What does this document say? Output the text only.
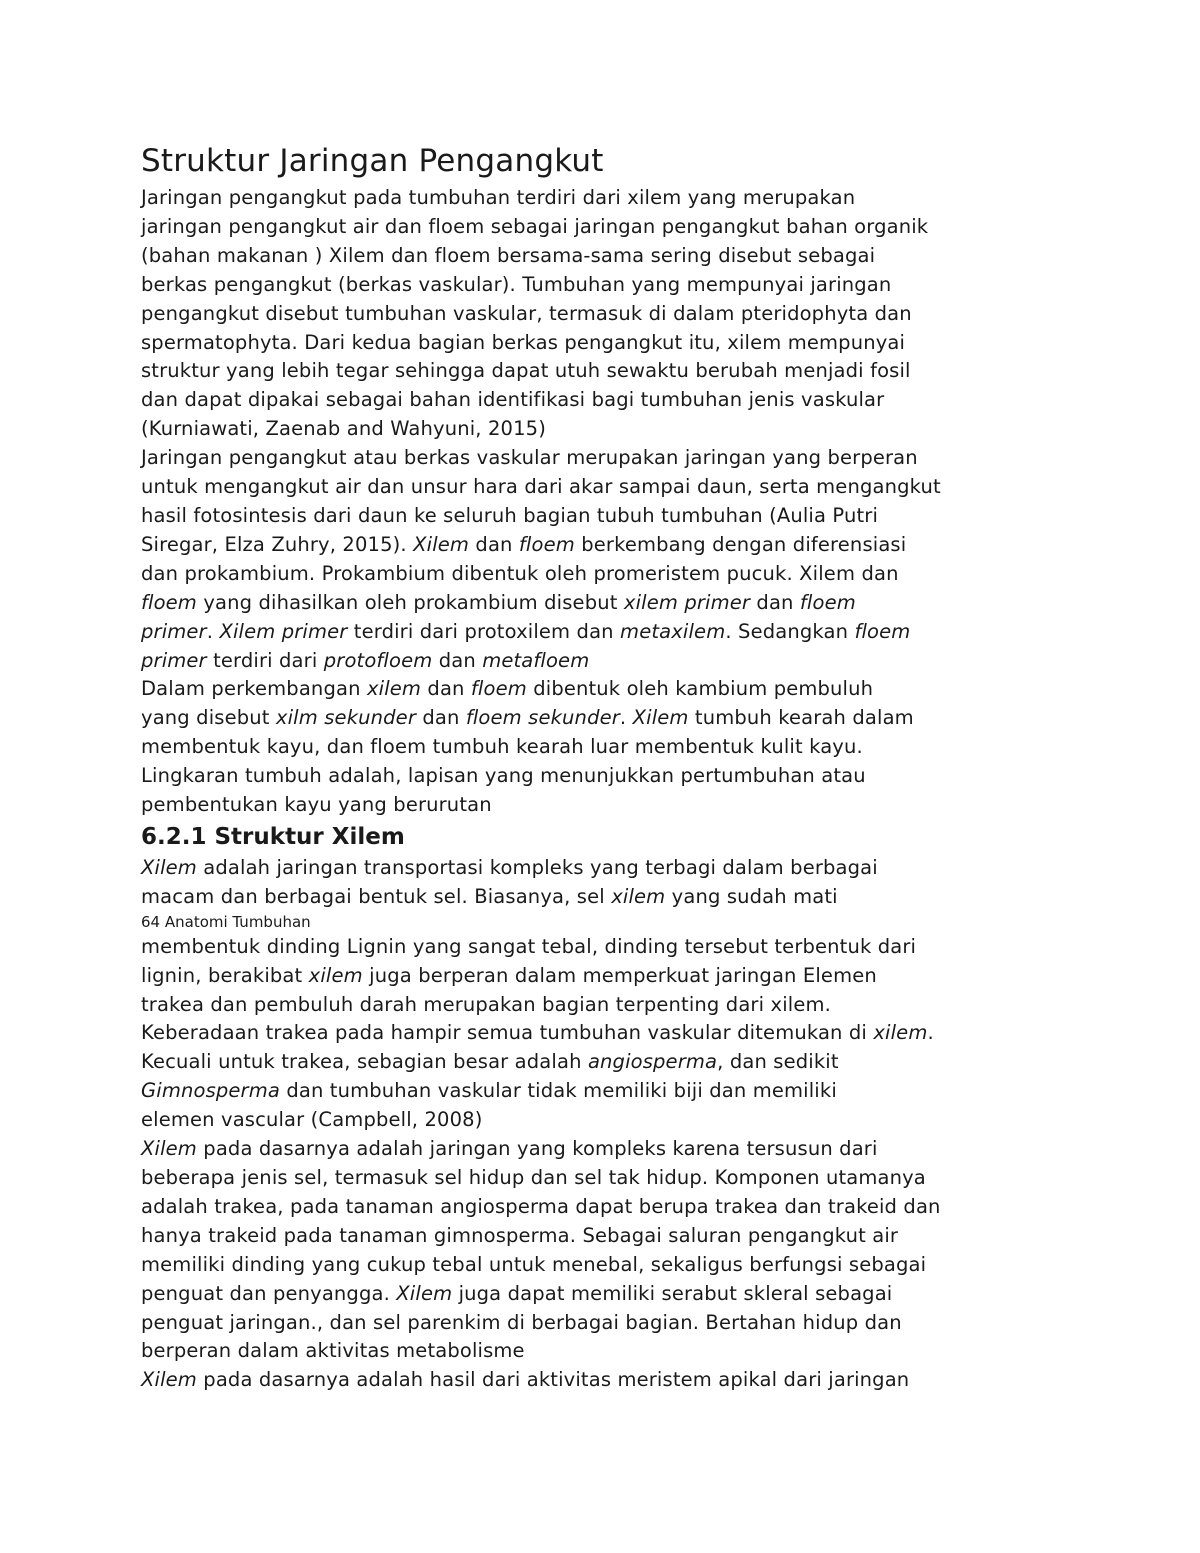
Struktur Jaringan Pengangkut
Jaringan pengangkut pada tumbuhan terdiri dari xilem yang merupakan
jaringan pengangkut air dan floem sebagai jaringan pengangkut bahan organik
(bahan makanan ) Xilem dan floem bersama-sama sering disebut sebagai
berkas pengangkut (berkas vaskular). Tumbuhan yang mempunyai jaringan
pengangkut disebut tumbuhan vaskular, termasuk di dalam pteridophyta dan
spermatophyta. Dari kedua bagian berkas pengangkut itu, xilem mempunyai
struktur yang lebih tegar sehingga dapat utuh sewaktu berubah menjadi fosil
dan dapat dipakai sebagai bahan identifikasi bagi tumbuhan jenis vaskular
(Kurniawati, Zaenab and Wahyuni, 2015)
Jaringan pengangkut atau berkas vaskular merupakan jaringan yang berperan
untuk mengangkut air dan unsur hara dari akar sampai daun, serta mengangkut
hasil fotosintesis dari daun ke seluruh bagian tubuh tumbuhan (Aulia Putri
Siregar, Elza Zuhry, 2015). Xilem dan floem berkembang dengan diferensiasi
dan prokambium. Prokambium dibentuk oleh promeristem pucuk. Xilem dan
floem yang dihasilkan oleh prokambium disebut xilem primer dan floem
primer. Xilem primer terdiri dari protoxilem dan metaxilem. Sedangkan floem
primer terdiri dari protofloem dan metafloem
Dalam perkembangan xilem dan floem dibentuk oleh kambium pembuluh
yang disebut xilm sekunder dan floem sekunder. Xilem tumbuh kearah dalam
membentuk kayu, dan floem tumbuh kearah luar membentuk kulit kayu.
Lingkaran tumbuh adalah, lapisan yang menunjukkan pertumbuhan atau
pembentukan kayu yang berurutan
6.2.1 Struktur Xilem
Xilem adalah jaringan transportasi kompleks yang terbagi dalam berbagai
macam dan berbagai bentuk sel. Biasanya, sel xilem yang sudah mati
64 Anatomi Tumbuhan
membentuk dinding Lignin yang sangat tebal, dinding tersebut terbentuk dari
lignin, berakibat xilem juga berperan dalam memperkuat jaringan Elemen
trakea dan pembuluh darah merupakan bagian terpenting dari xilem.
Keberadaan trakea pada hampir semua tumbuhan vaskular ditemukan di xilem.
Kecuali untuk trakea, sebagian besar adalah angiosperma, dan sedikit
Gimnosperma dan tumbuhan vaskular tidak memiliki biji dan memiliki
elemen vascular (Campbell, 2008)
Xilem pada dasarnya adalah jaringan yang kompleks karena tersusun dari
beberapa jenis sel, termasuk sel hidup dan sel tak hidup. Komponen utamanya
adalah trakea, pada tanaman angiosperma dapat berupa trakea dan trakeid dan
hanya trakeid pada tanaman gimnosperma. Sebagai saluran pengangkut air
memiliki dinding yang cukup tebal untuk menebal, sekaligus berfungsi sebagai
penguat dan penyangga. Xilem juga dapat memiliki serabut skleral sebagai
penguat jaringan., dan sel parenkim di berbagai bagian. Bertahan hidup dan
berperan dalam aktivitas metabolisme
Xilem pada dasarnya adalah hasil dari aktivitas meristem apikal dari jaringan
